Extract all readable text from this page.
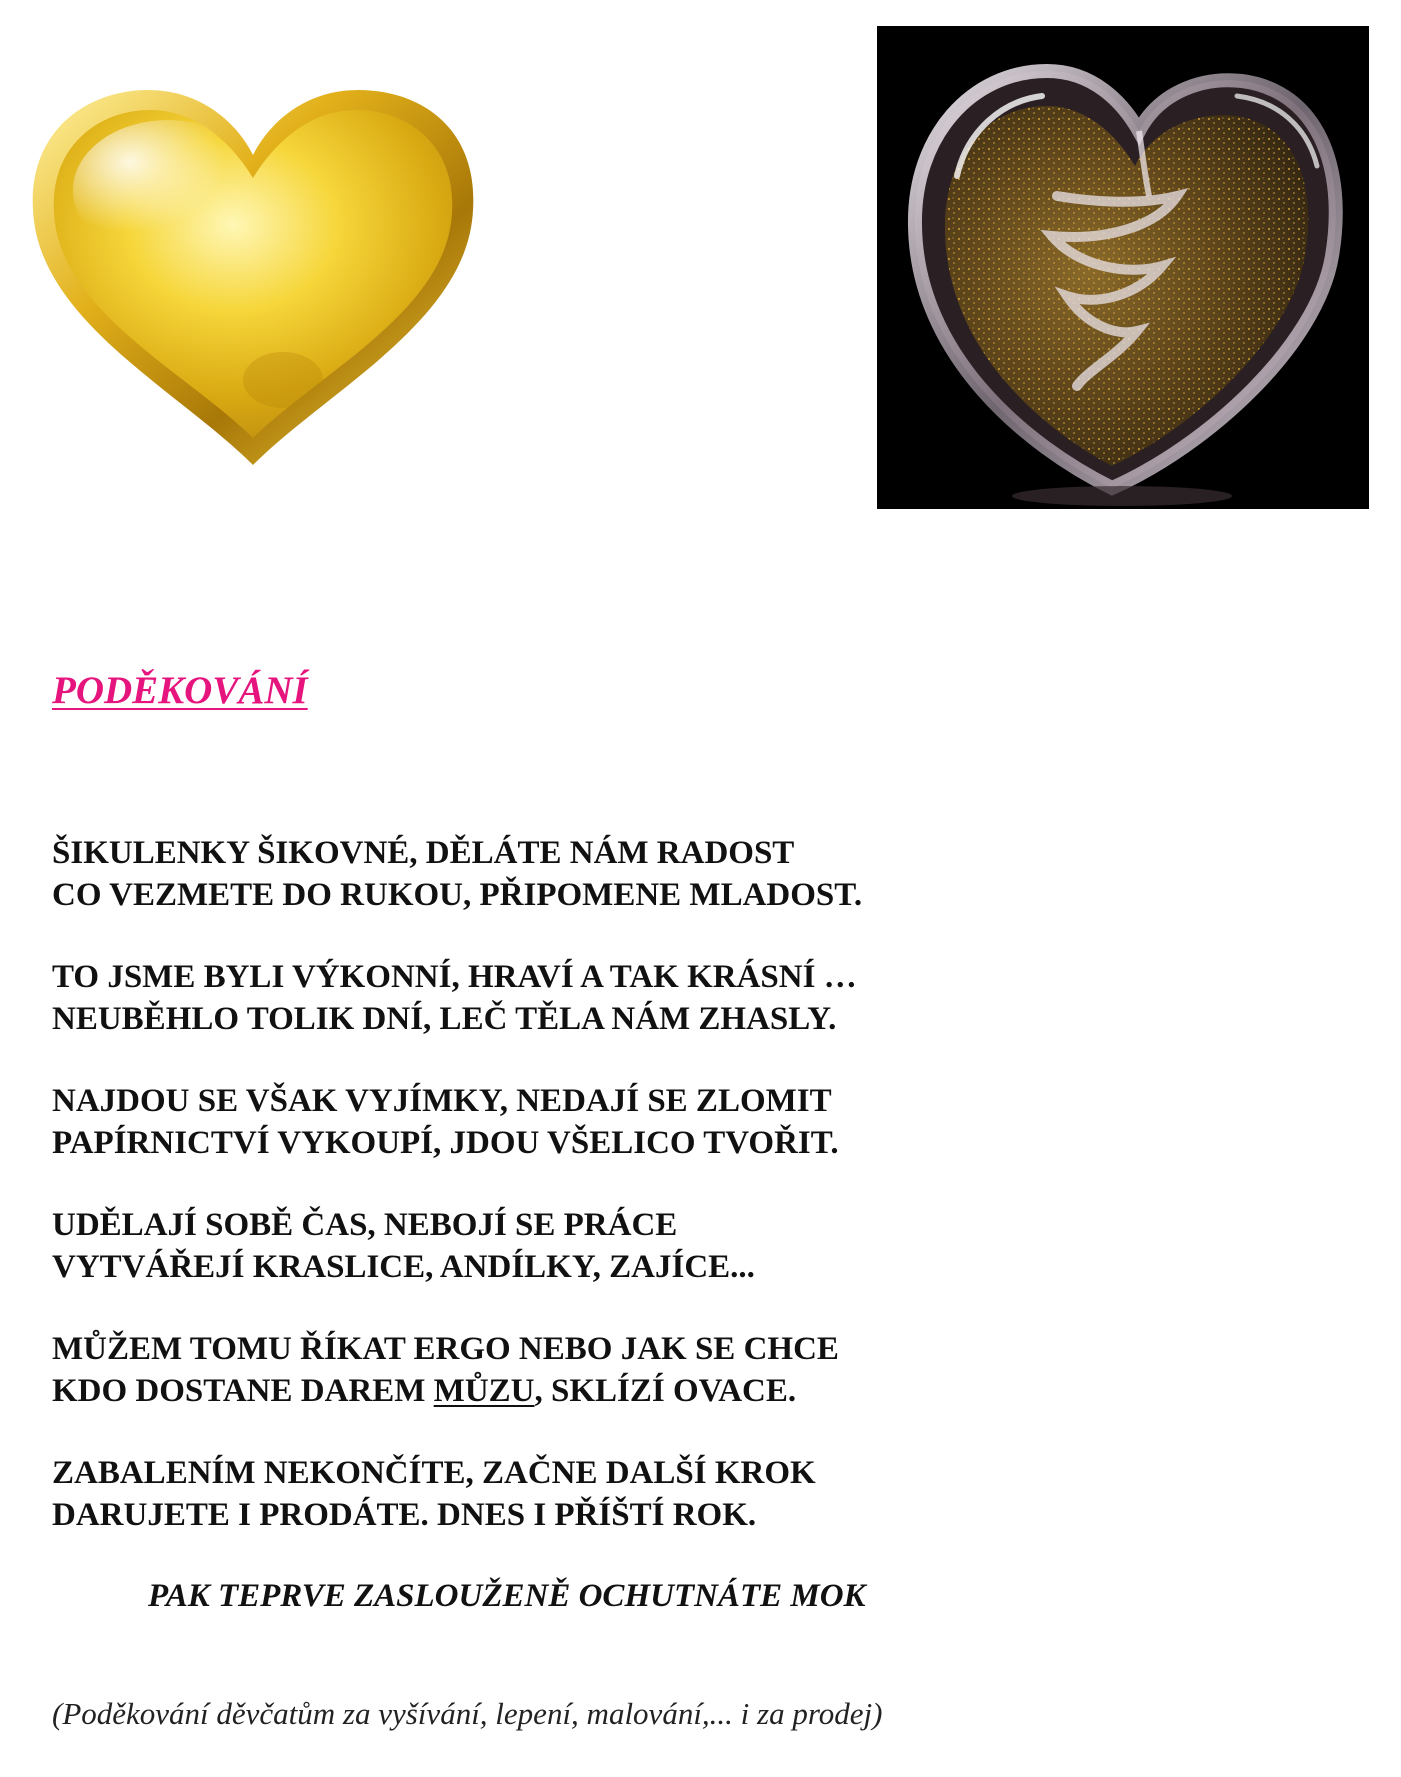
PODĚKOVÁNÍ

ŠIKULENKY ŠIKOVNÉ, DĚLÁTE NÁM RADOST
CO VEZMETE DO RUKOU, PŘIPOMENE MLADOST.

TO JSME BYLI VÝKONNÍ, HRAVÍ A TAK KRÁSNÍ …
NEUBĚHLO TOLIK DNÍ, LEČ TĚLA NÁM ZHASLY.

NAJDOU SE VŠAK VYJÍMKY, NEDAJÍ SE ZLOMIT
PAPÍRNICTVÍ VYKOUPÍ, JDOU VŠELICO TVOŘIT.

UDĚLAJÍ SOBĚ ČAS, NEBOJÍ SE PRÁCE
VYTVÁŘEJÍ KRASLICE, ANDÍLKY, ZAJÍCE...

MŮŽEM TOMU ŘÍKAT ERGO NEBO JAK SE CHCE
KDO DOSTANE DAREM MŮZU, SKLÍZÍ OVACE.

ZABALENÍM NEKONČÍTE, ZAČNE DALŠÍ KROK
DARUJETE I PRODÁTE. DNES I PŘÍŠTÍ ROK.

PAK TEPRVE ZASLOUŽENĚ OCHUTNÁTE MOK

(Poděkování děvčatům za vyšívání, lepení, malování,... i za prodej)
